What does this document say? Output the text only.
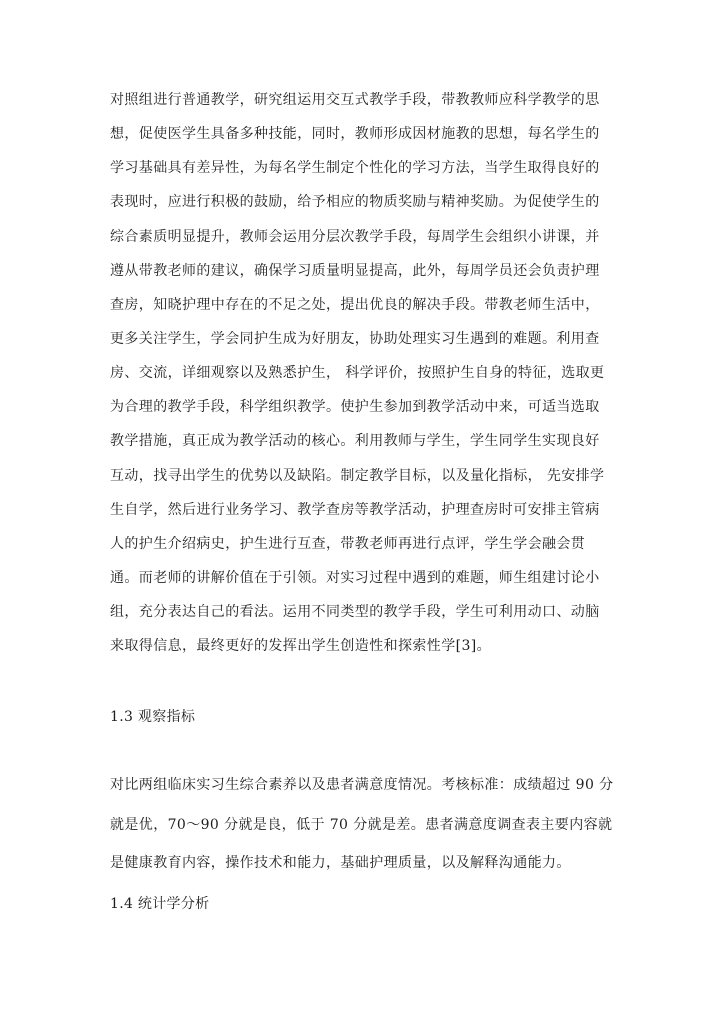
对照组进行普通教学，研究组运用交互式教学手段，带教教师应科学教学的思
想，促使医学生具备多种技能，同时，教师形成因材施教的思想，每名学生的
学习基础具有差异性，为每名学生制定个性化的学习方法，当学生取得良好的
表现时，应进行积极的鼓励，给予相应的物质奖励与精神奖励。为促使学生的
综合素质明显提升，教师会运用分层次教学手段，每周学生会组织小讲课，并
遵从带教老师的建议，确保学习质量明显提高，此外，每周学员还会负责护理
查房，知晓护理中存在的不足之处，提出优良的解决手段。带教老师生活中，
更多关注学生，学会同护生成为好朋友，协助处理实习生遇到的难题。利用查
房、交流，详细观察以及熟悉护生， 科学评价，按照护生自身的特征，选取更
为合理的教学手段，科学组织教学。使护生参加到教学活动中来，可适当选取
教学措施，真正成为教学活动的核心。利用教师与学生，学生同学生实现良好
互动，找寻出学生的优势以及缺陷。制定教学目标，以及量化指标， 先安排学
生自学，然后进行业务学习、教学查房等教学活动，护理查房时可安排主管病
人的护生介绍病史，护生进行互查，带教老师再进行点评，学生学会融会贯
通。而老师的讲解价值在于引领。对实习过程中遇到的难题，师生组建讨论小
组，充分表达自己的看法。运用不同类型的教学手段，学生可利用动口、动脑
来取得信息，最终更好的发挥出学生创造性和探索性学[3]。
1.3 观察指标
对比两组临床实习生综合素养以及患者满意度情况。考核标准：成绩超过 90 分
就是优，70～90 分就是良，低于 70 分就是差。患者满意度调查表主要内容就
是健康教育内容，操作技术和能力，基础护理质量，以及解释沟通能力。
1.4 统计学分析
